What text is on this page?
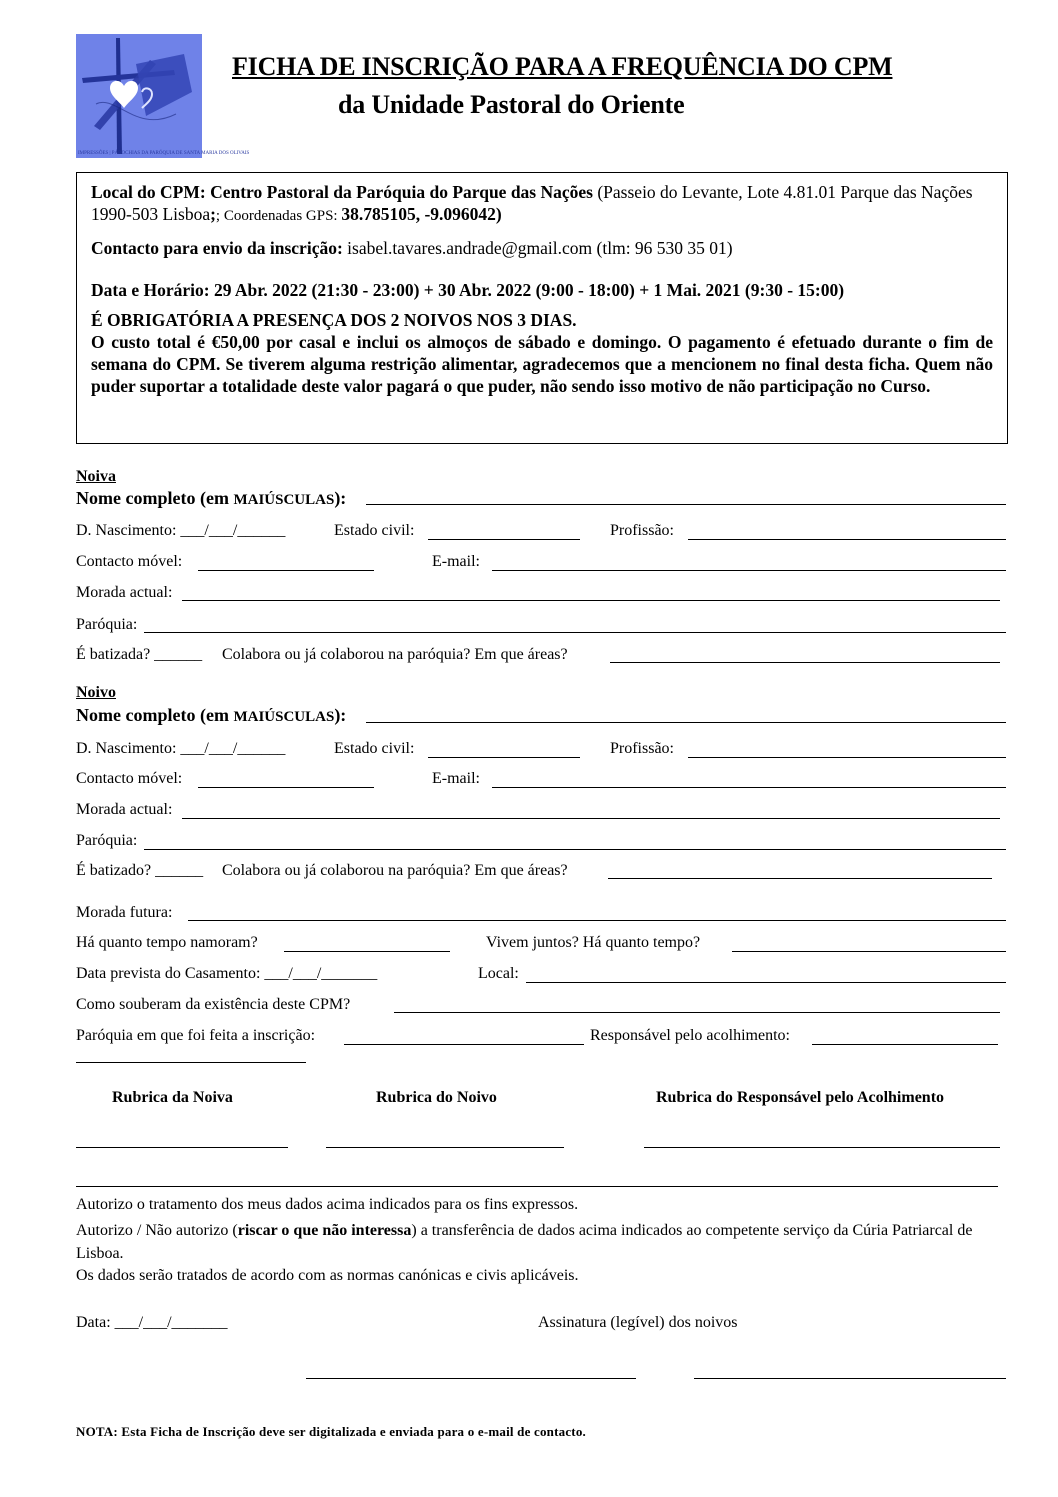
IMPRESSÕES | PÁROCHIAS DA PARÓQUIA DE SANTA MARIA DOS OLIVAIS
FICHA DE INSCRIÇÃO PARA A FREQUÊNCIA DO CPM
da Unidade Pastoral do Oriente

Local do CPM: Centro Pastoral da Paróquia do Parque das Nações (Passeio do Levante, Lote 4.81.01 Parque das Nações 1990-503 Lisboa;; Coordenadas GPS: 38.785105, -9.096042)

Contacto para envio da inscrição: isabel.tavares.andrade@gmail.com (tlm: 96 530 35 01)

Data e Horário: 29 Abr. 2022 (21:30 - 23:00) + 30 Abr. 2022 (9:00 - 18:00) + 1 Mai. 2021 (9:30 - 15:00)

É OBRIGATÓRIA A PRESENÇA DOS 2 NOIVOS NOS 3 DIAS.

O custo total é €50,00 por casal e inclui os almoços de sábado e domingo. O pagamento é efetuado durante o fim de semana do CPM. Se tiverem alguma restrição alimentar, agradecemos que a mencionem no final desta ficha. Quem não puder suportar a totalidade deste valor pagará o que puder, não sendo isso motivo de não participação no Curso.

Noiva
Nome completo (em MAIÚSCULAS):
D. Nascimento: ___/___/______	Estado civil:	Profissão:
Contacto móvel:	E-mail:
Morada actual:
Paróquia:
É batizada? ______ Colabora ou já colaborou na paróquia? Em que áreas?
Noivo
Nome completo (em MAIÚSCULAS):
D. Nascimento: ___/___/______	Estado civil:	Profissão:
Contacto móvel:	E-mail:
Morada actual:
Paróquia:
É batizado? ______ Colabora ou já colaborou na paróquia? Em que áreas?
Morada futura:
Há quanto tempo namoram?	Vivem juntos? Há quanto tempo?
Data prevista do Casamento: ___/___/_______	Local:
Como souberam da existência deste CPM?
Paróquia em que foi feita a inscrição:	Responsável pelo acolhimento:
Rubrica da Noiva	Rubrica do Noivo	Rubrica do Responsável pelo Acolhimento
Autorizo o tratamento dos meus dados acima indicados para os fins expressos.
Autorizo / Não autorizo (riscar o que não interessa) a transferência de dados acima indicados ao competente serviço da Cúria Patriarcal de Lisboa.
Os dados serão tratados de acordo com as normas canónicas e civis aplicáveis.
Data: ___/___/_______	Assinatura (legível) dos noivos
NOTA: Esta Ficha de Inscrição deve ser digitalizada e enviada para o e-mail de contacto.
